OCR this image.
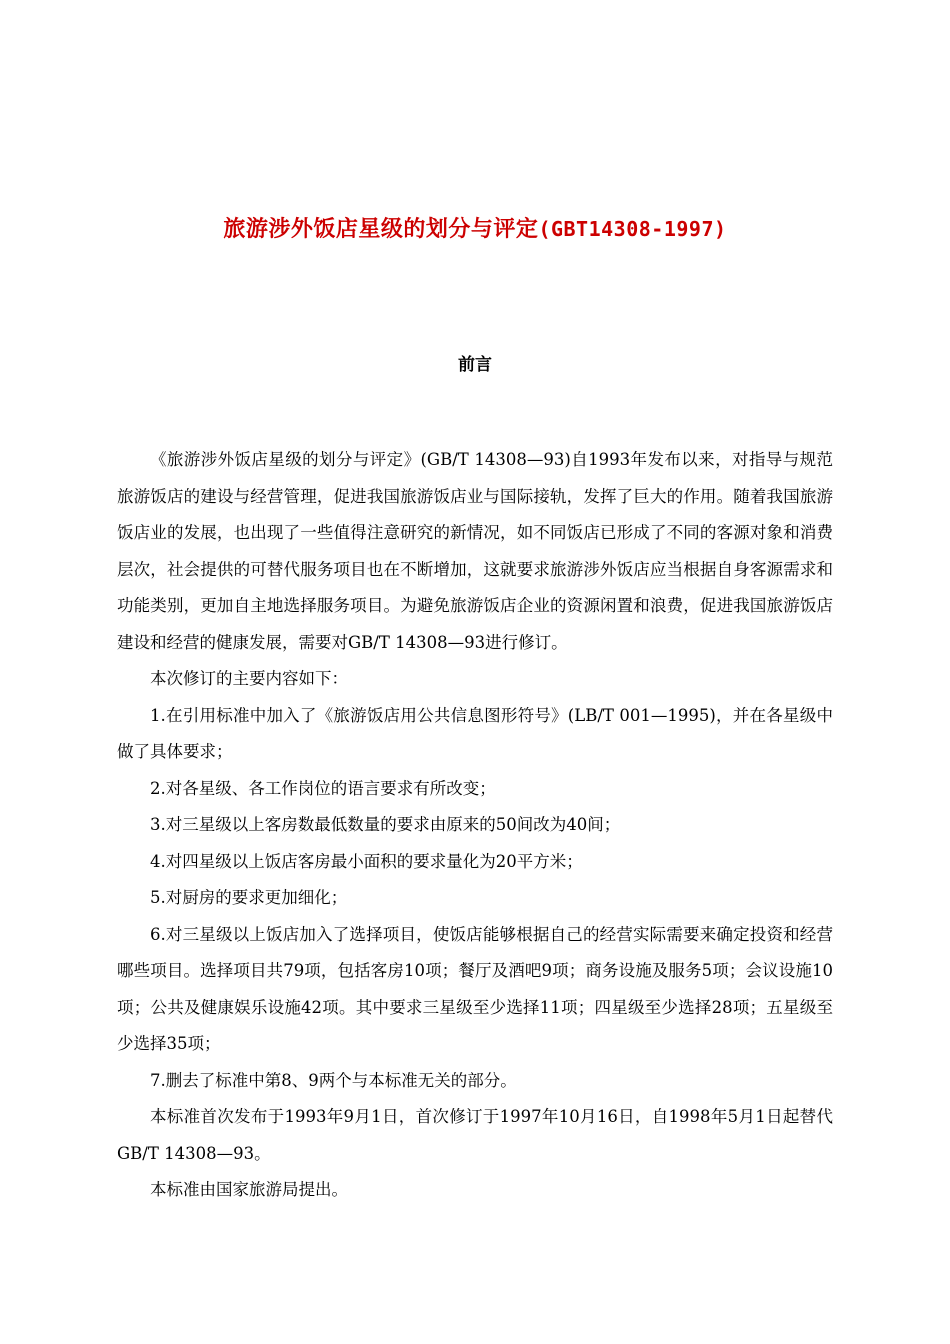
旅游涉外饭店星级的划分与评定(GBT14308-1997)
前言

《旅游涉外饭店星级的划分与评定》(GB/T 14308—93)自1993年发布以来，对指导与规范旅游饭店的建设与经营管理，促进我国旅游饭店业与国际接轨，发挥了巨大的作用。随着我国旅游饭店业的发展，也出现了一些值得注意研究的新情况，如不同饭店已形成了不同的客源对象和消费层次，社会提供的可替代服务项目也在不断增加，这就要求旅游涉外饭店应当根据自身客源需求和功能类别，更加自主地选择服务项目。为避免旅游饭店企业的资源闲置和浪费，促进我国旅游饭店建设和经营的健康发展，需要对GB/T 14308—93进行修订。

本次修订的主要内容如下：

1.在引用标准中加入了《旅游饭店用公共信息图形符号》(LB/T 001—1995)，并在各星级中做了具体要求；

2.对各星级、各工作岗位的语言要求有所改变；

3.对三星级以上客房数最低数量的要求由原来的50间改为40间；

4.对四星级以上饭店客房最小面积的要求量化为20平方米；

5.对厨房的要求更加细化；

6.对三星级以上饭店加入了选择项目，使饭店能够根据自己的经营实际需要来确定投资和经营哪些项目。选择项目共79项，包括客房10项；餐厅及酒吧9项；商务设施及服务5项；会议设施10项；公共及健康娱乐设施42项。其中要求三星级至少选择11项；四星级至少选择28项；五星级至少选择35项；

7.删去了标准中第8、9两个与本标准无关的部分。

本标准首次发布于1993年9月1日，首次修订于1997年10月16日，自1998年5月1日起替代GB/T 14308—93。

本标准由国家旅游局提出。
